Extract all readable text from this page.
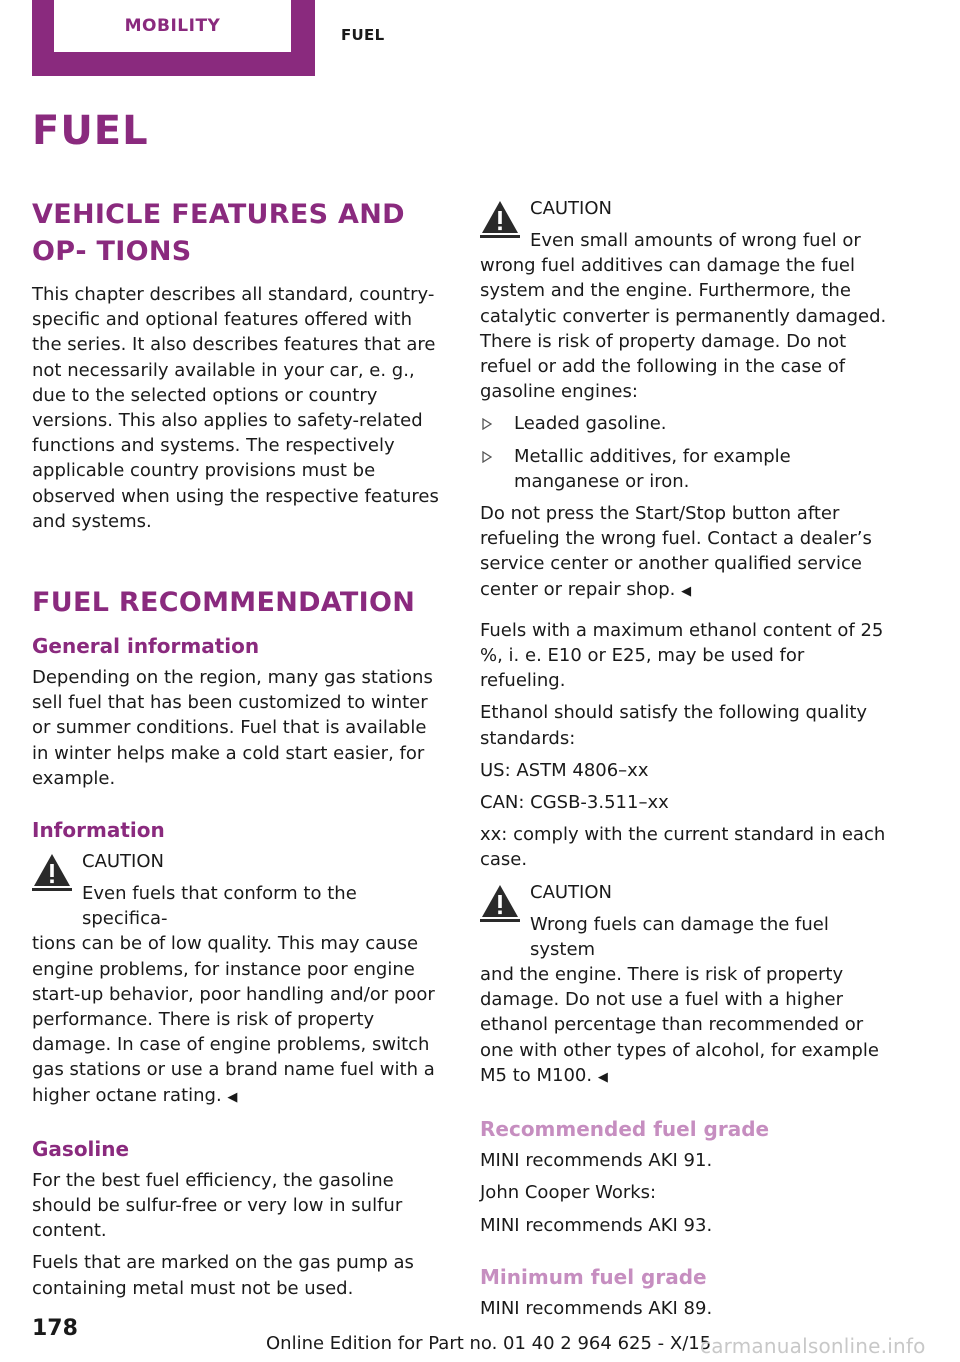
MOBILITY	FUEL
FUEL
VEHICLE FEATURES AND OP‐ TIONS

This chapter describes all standard, country-specific and optional features offered with the series. It also describes features that are not necessarily available in your car, e. g., due to the selected options or country versions. This also applies to safety-related functions and systems. The respectively applicable country provisions must be observed when using the respective features and systems.

FUEL RECOMMENDATION
General information

Depending on the region, many gas stations sell fuel that has been customized to winter or summer conditions. Fuel that is available in winter helps make a cold start easier, for example.

Information
CAUTION
Even fuels that conform to the specifica‐

tions can be of low quality. This may cause engine problems, for instance poor engine start-up behavior, poor handling and/or poor performance. There is risk of property damage. In case of engine problems, switch gas stations or use a brand name fuel with a higher octane rating. ◀

Gasoline

For the best fuel efficiency, the gasoline should be sulfur-free or very low in sulfur content.

Fuels that are marked on the gas pump as containing metal must not be used.

CAUTION
Even small amounts of wrong fuel or

wrong fuel additives can damage the fuel system and the engine. Furthermore, the catalytic converter is permanently damaged. There is risk of property damage. Do not refuel or add the following in the case of gasoline engines:

Leaded gasoline.
Metallic additives, for example manganese or iron.

Do not press the Start/Stop button after refueling the wrong fuel. Contact a dealer’s service center or another qualified service center or repair shop. ◀

Fuels with a maximum ethanol content of 25 %, i. e. E10 or E25, may be used for refueling.

Ethanol should satisfy the following quality standards:

US: ASTM 4806–xx

CAN: CGSB-3.511–xx

xx: comply with the current standard in each case.

CAUTION
Wrong fuels can damage the fuel system

and the engine. There is risk of property damage. Do not use a fuel with a higher ethanol percentage than recommended or one with other types of alcohol, for example M5 to M100. ◀

Recommended fuel grade

MINI recommends AKI 91.

John Cooper Works:

MINI recommends AKI 93.

Minimum fuel grade

MINI recommends AKI 89.

178
Online Edition for Part no. 01 40 2 964 625 - X/15
carmanualsonline.info
